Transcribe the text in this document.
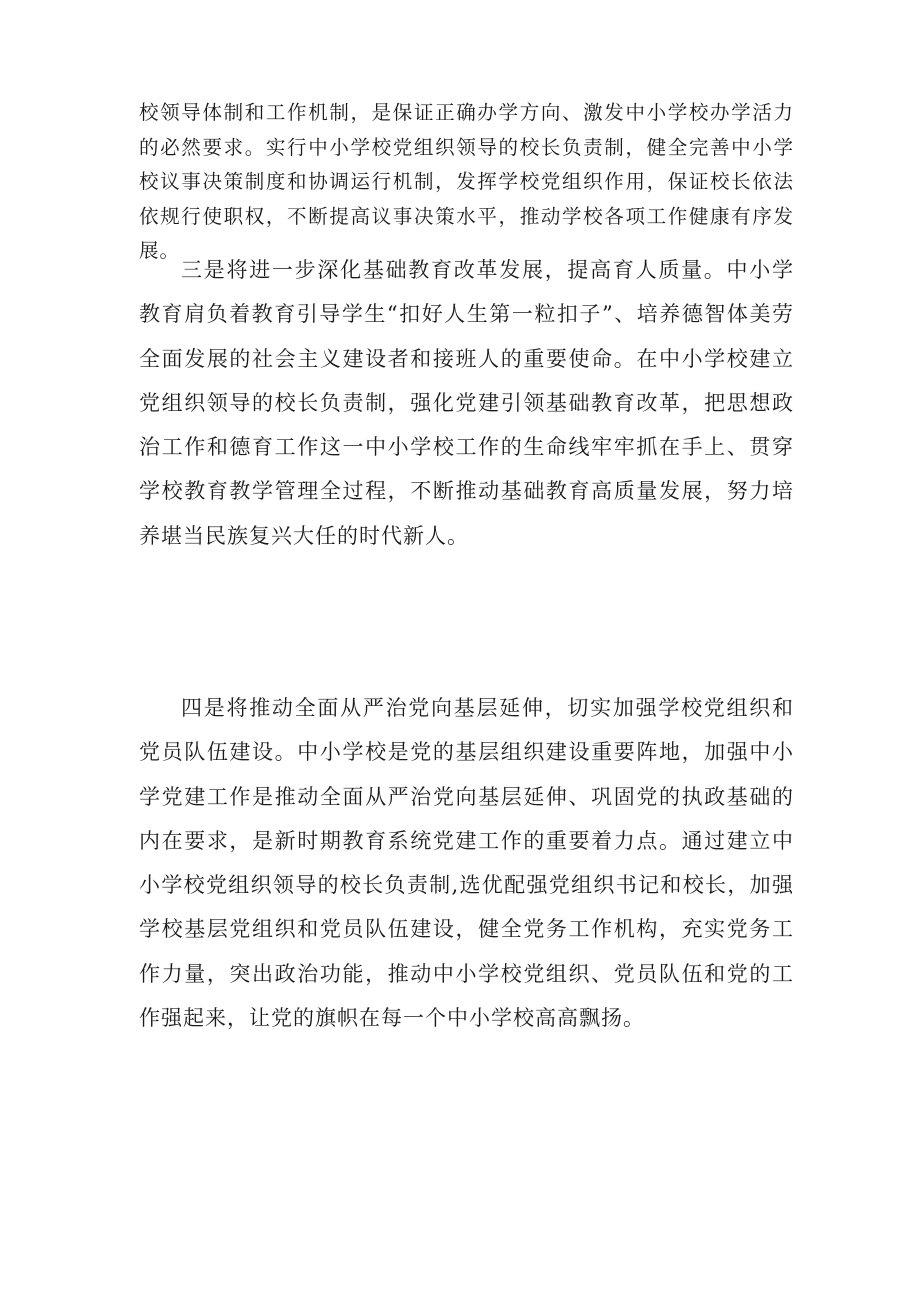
校领导体制和工作机制，是保证正确办学方向、激发中小学校办学活力的必然要求。实行中小学校党组织领导的校长负责制，健全完善中小学校议事决策制度和协调运行机制，发挥学校党组织作用，保证校长依法依规行使职权，不断提高议事决策水平，推动学校各项工作健康有序发展。

三是将进一步深化基础教育改革发展，提高育人质量。中小学教育肩负着教育引导学生“扣好人生第一粒扣子”、培养德智体美劳全面发展的社会主义建设者和接班人的重要使命。在中小学校建立党组织领导的校长负责制，强化党建引领基础教育改革，把思想政治工作和德育工作这一中小学校工作的生命线牢牢抓在手上、贯穿学校教育教学管理全过程，不断推动基础教育高质量发展，努力培养堪当民族复兴大任的时代新人。

四是将推动全面从严治党向基层延伸，切实加强学校党组织和党员队伍建设。中小学校是党的基层组织建设重要阵地，加强中小学党建工作是推动全面从严治党向基层延伸、巩固党的执政基础的内在要求，是新时期教育系统党建工作的重要着力点。通过建立中小学校党组织领导的校长负责制,选优配强党组织书记和校长，加强学校基层党组织和党员队伍建设，健全党务工作机构，充实党务工作力量，突出政治功能，推动中小学校党组织、党员队伍和党的工作强起来，让党的旗帜在每一个中小学校高高飘扬。
